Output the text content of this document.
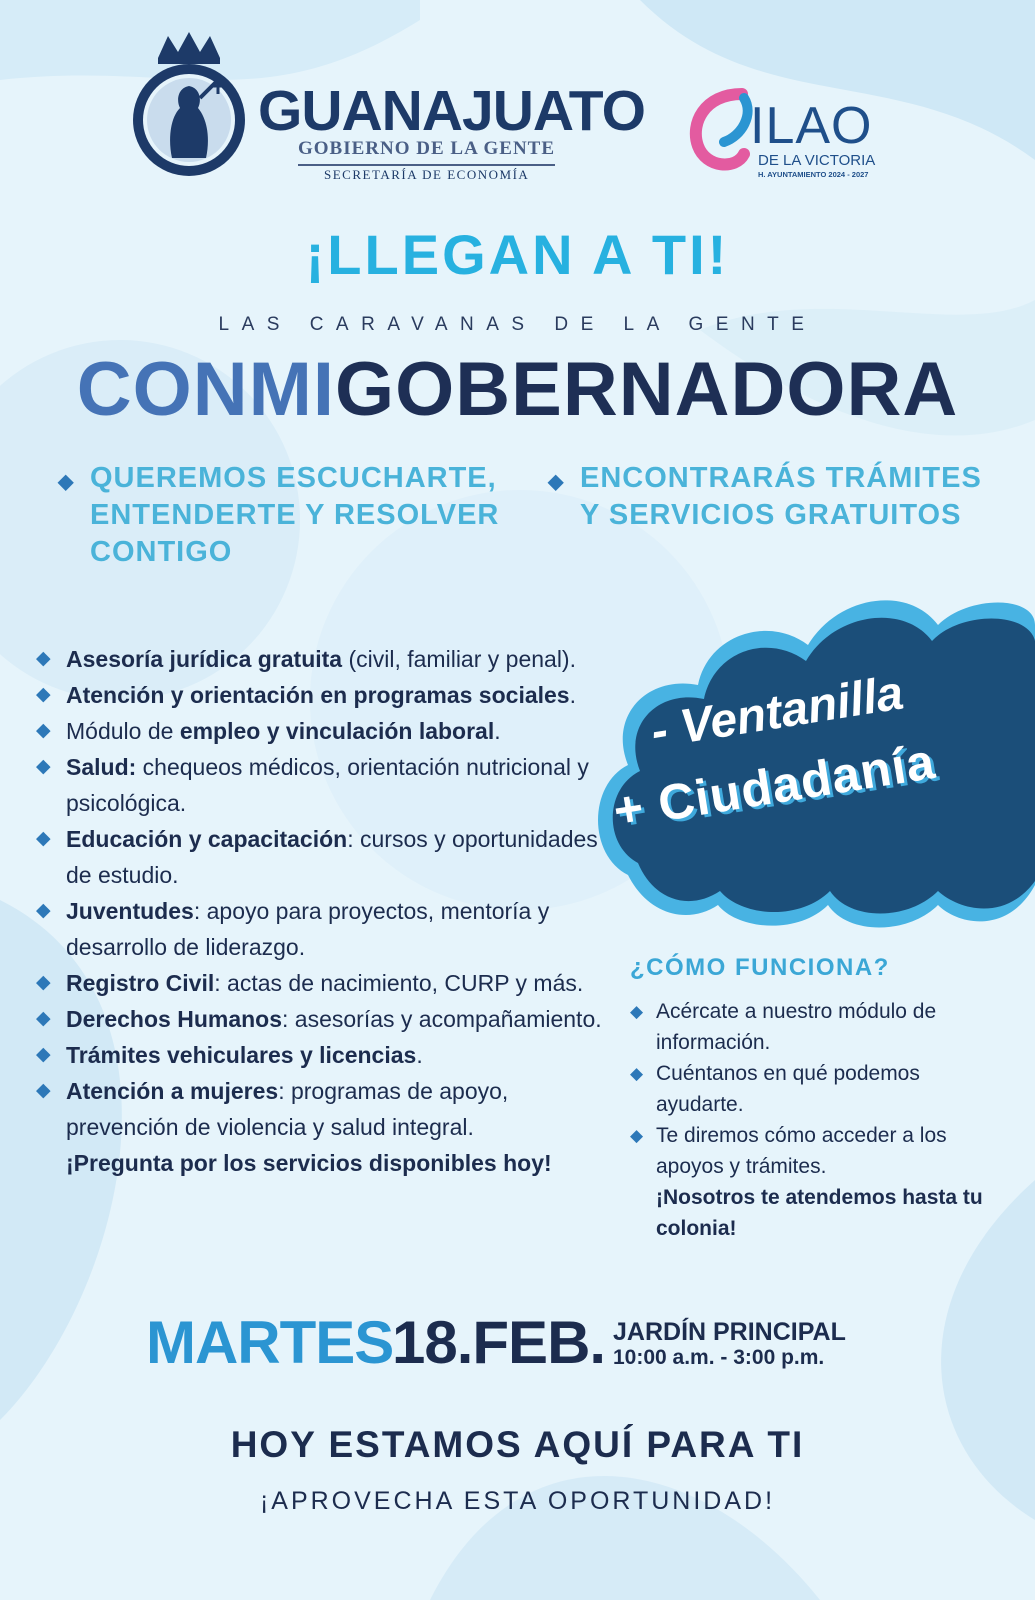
GUANAJUATO
GOBIERNO DE LA GENTE
SECRETARÍA DE ECONOMÍA
ILAO
DE LA VICTORIA
H. AYUNTAMIENTO 2024 - 2027
¡LLEGAN A TI!
LAS CARAVANAS DE LA GENTE
CONMIGOBERNADORA
◆ QUEREMOS ESCUCHARTE, ENTENDERTE Y RESOLVER CONTIGO
◆ ENCONTRARÁS TRÁMITES Y SERVICIOS GRATUITOS
◆ Asesoría jurídica gratuita (civil, familiar y penal).
◆ Atención y orientación en programas sociales.
◆ Módulo de empleo y vinculación laboral.
◆ Salud: chequeos médicos, orientación nutricional y psicológica.
◆ Educación y capacitación: cursos y oportunidades de estudio.
◆ Juventudes: apoyo para proyectos, mentoría y desarrollo de liderazgo.
◆ Registro Civil: actas de nacimiento, CURP y más.
◆ Derechos Humanos: asesorías y acompañamiento.
◆ Trámites vehiculares y licencias.
◆ Atención a mujeres: programas de apoyo, prevención de violencia y salud integral.
¡Pregunta por los servicios disponibles hoy!
- Ventanilla
+ Ciudadanía
¿CÓMO FUNCIONA?
◆ Acércate a nuestro módulo de información.
◆ Cuéntanos en qué podemos ayudarte.
◆ Te diremos cómo acceder a los apoyos y trámites.
¡Nosotros te atendemos hasta tu colonia!
MARTES
18.FEB. JARDÍN PRINCIPAL
10:00 a.m. - 3:00 p.m.
HOY ESTAMOS AQUÍ PARA TI
¡APROVECHA ESTA OPORTUNIDAD!
